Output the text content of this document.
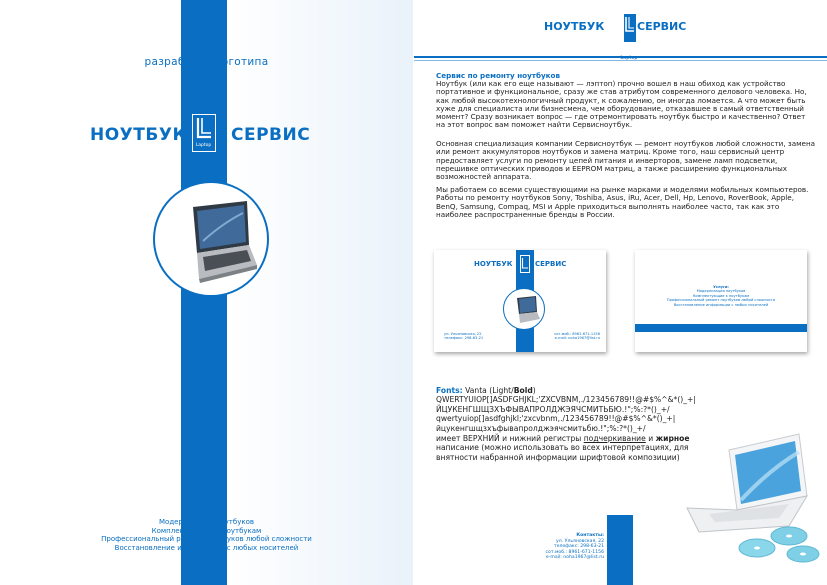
разработка логотипа
НОУТБУК
Laptop
СЕРВИС
Модернизация ноутбуков
Комплектующие к ноутбукам
Профессиональный ремонт ноутбуков любой сложности
Восстановление информации с любых носителей
НОУТБУК
Laptop
СЕРВИС
Сервис по ремонту ноутбуков
Ноутбук (или как его еще называют — лэптоп) прочно вошел в наш обиход как устройство портативное и функциональное, сразу же став атрибутом современного делового человека. Но, как любой высокотехнологичный продукт, к сожалению, он иногда ломается. А что может быть хуже для специалиста или бизнесмена, чем оборудование, отказавшее в самый ответственный момент? Сразу возникает вопрос — где отремонтировать ноутбук быстро и качественно? Ответ на этот вопрос вам поможет найти Сервисноутбук.
Основная специализация компании Сервисноутбук — ремонт ноутбуков любой сложности, замена или ремонт аккумуляторов ноутбуков и замена матриц. Кроме того, наш сервисный центр предоставляет услуги по ремонту цепей питания и инверторов, замене ламп подсветки, перешивке оптических приводов и EEPROM матриц, а также расширению функциональных возможностей аппарата.
Мы работаем со всеми существующими на рынке марками и моделями мобильных компьютеров. Работы по ремонту ноутбуков Sony, Toshiba, Asus, iRu, Acer, Dell, Hp, Lenovo, RoverBook, Apple, BenQ, Samsung, Compaq, MSI и Apple приходиться выполнять наиболее часто, так как это наиболее распространенные бренды в России.
НОУТБУК	СЕРВИС
ул. Ульяновская, 22
телефакс: 298-63-21
сот.моб.: 8961-671-1156
e-mail: noha1967@list.ru
Услуги:
Модернизация ноутбуков
Комплектующие к ноутбукам
Профессиональный ремонт ноутбуков любой сложности
Восстановление информации с любых носителей
Fonts: Vanta (Light/Bold)
QWERTYUIOP[]ASDFGHJKL;'ZXCVBNM,./123456789!!@#$%^&*()_+|
ЙЦУКЕНГШЩЗХЪФЫВАПРОЛДЖЭЯЧСМИТЬБЮ.!";%:?*()_+/
qwertyuiop[]asdfghjkl;'zxcvbnm,./123456789!!@#$%^&*()_+|
йцукенгшщзхъфывапролджэячсмитьбю.!";%:?*()_+/
имеет ВЕРХНИЙ и нижний регистры подчеркивание и жирное написание (можно использовать во всех интерпретациях, для внятности набранной информации шрифтовой композиции)
Контакты:
ул. Ульяновская, 22
телефакс: 298-63-21
сот.моб.: 8961-671-1156
e-mail: noha1967@list.ru
